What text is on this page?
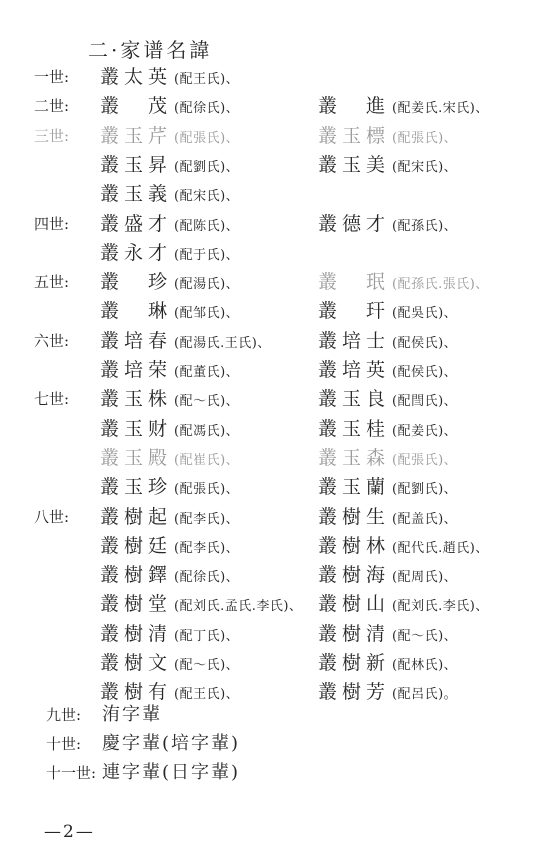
二·家谱名諱
一世: 叢太英 (配王氏)、
二世: 叢　茂 (配徐氏)、	叢　進 (配姜氏.宋氏)、
三世: 叢玉芹 (配張氏)、	叢玉標 (配張氏)、
叢玉昇 (配劉氏)、	叢玉美 (配宋氏)、
叢玉義 (配宋氏)、
四世: 叢盛才 (配陈氏)、	叢德才 (配孫氏)、
叢永才 (配于氏)、
五世: 叢　珍 (配湯氏)、	叢　珉 (配孫氏.張氏)、
叢　琳 (配邹氏)、	叢　玕 (配吳氏)、
六世: 叢培春 (配湯氏.王氏)、 叢培士 (配侯氏)、
叢培荣 (配董氏)、	叢培英 (配侯氏)、
七世: 叢玉株 (配～氏)、	叢玉良 (配閆氏)、
叢玉财 (配馮氏)、	叢玉桂 (配姜氏)、
叢玉殿 (配崔氏)、	叢玉森 (配張氏)、
叢玉珍 (配張氏)、	叢玉蘭 (配劉氏)、
八世: 叢樹起 (配李氏)、	叢樹生 (配盖氏)、
叢樹廷 (配李氏)、	叢樹林 (配代氏.趙氏)、
叢樹鐸 (配徐氏)、	叢樹海 (配周氏)、
叢樹堂 (配刘氏.孟氏.李氏)、 叢樹山 (配刘氏.李氏)、
叢樹清 (配丁氏)、	叢樹清 (配～氏)、
叢樹文 (配～氏)、	叢樹新 (配林氏)、
叢樹有 (配王氏)、	叢樹芳 (配呂氏)。
九世: 洧字輩
十世: 慶字輩(培字輩)
十一世: 連字輩(日字輩)
—2—
